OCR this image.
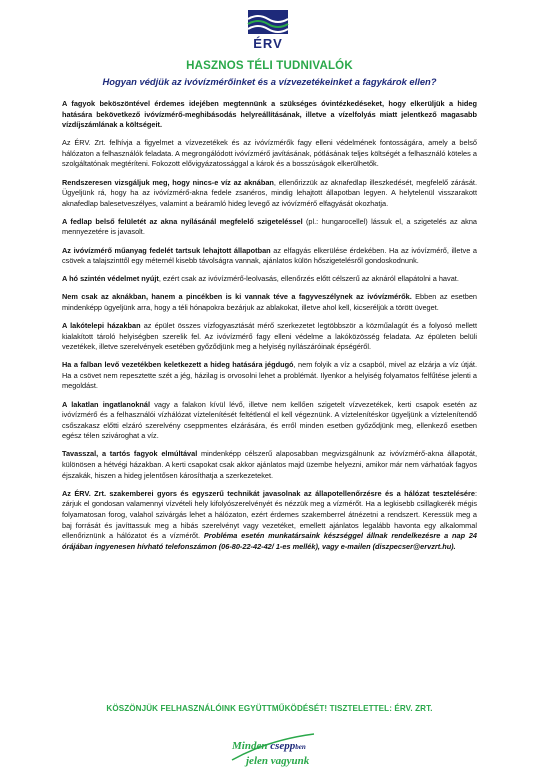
ÉRV
HASZNOS TÉLI TUDNIVALÓK
Hogyan védjük az ivóvízmérőinket és a vízvezetékeinket a fagykárok ellen?

A fagyok beköszöntével érdemes idejében megtennünk a szükséges óvintézkedéseket, hogy elkerüljük a hideg hatására bekövetkező ivóvízmérő-meghibásodás helyreállításának, illetve a vízelfolyás miatt jelentkező magasabb vízdíjszámlának a költségeit.

Az ÉRV. Zrt. felhívja a figyelmet a vízvezetékek és az ivóvízmérők fagy elleni védelmének fontosságára, amely a belső hálózaton a felhasználók feladata. A megrongálódott ivóvízmérő javításának, pótlásának teljes költségét a felhasználó köteles a szolgáltatónak megtéríteni. Fokozott elővigyázatossággal a károk és a bosszúságok elkerülhetők.

Rendszeresen vizsgáljuk meg, hogy nincs-e víz az aknában, ellenőrizzük az aknafedlap illeszkedését, megfelelő zárását. Ügyeljünk rá, hogy ha az ivóvízmérő-akna fedele zsanéros, mindig lehajtott állapotban legyen. A helytelenül visszarakott aknafedlap balesetveszélyes, valamint a beáramló hideg levegő az ivóvízmérő elfagyását okozhatja.

A fedlap belső felületét az akna nyílásánál megfelelő szigeteléssel (pl.: hungarocellel) lássuk el, a szigetelés az akna mennyezetére is javasolt.

Az ivóvízmérő műanyag fedelét tartsuk lehajtott állapotban az elfagyás elkerülése érdekében. Ha az ivóvízmérő, illetve a csövek a talajszinttől egy méternél kisebb távolságra vannak, ajánlatos külön hőszigetelésről gondoskodnunk.

A hó szintén védelmet nyújt, ezért csak az ivóvízmérő-leolvasás, ellenőrzés előtt célszerű az aknáról ellapátolni a havat.

Nem csak az aknákban, hanem a pincékben is ki vannak téve a fagyveszélynek az ivóvízmérők. Ebben az esetben mindenképp ügyeljünk arra, hogy a téli hónapokra bezárjuk az ablakokat, illetve ahol kell, kicseréljük a törött üveget.

A lakótelepi házakban az épület összes vízfogyasztását mérő szerkezetet legtöbbször a közműalagút és a folyosó mellett kialakított tároló helyiségben szerelik fel. Az ivóvízmérő fagy elleni védelme a lakóközösség feladata. Az épületen belüli vezetékek, illetve szerelvények esetében győződjünk meg a helyiség nyílászáróinak épségéről.

Ha a falban levő vezetékben keletkezett a hideg hatására jégdugó, nem folyik a víz a csapból, mivel az elzárja a víz útját. Ha a csövet nem repesztette szét a jég, házilag is orvosolni lehet a problémát. Ilyenkor a helyiség folyamatos felfűtése jelenti a megoldást.

A lakatlan ingatlanoknál vagy a falakon kívül lévő, illetve nem kellően szigetelt vízvezetékek, kerti csapok esetén az ivóvízmérő és a felhasználói vízhálózat víztelenítését feltétlenül el kell végeznünk. A víztelenítéskor ügyeljünk a víztelenítendő csőszakasz előtti elzáró szerelvény cseppmentes elzárására, és erről minden esetben győződjünk meg, ellenkező esetben egész télen szivároghat a víz.

Tavasszal, a tartós fagyok elmúltával mindenképp célszerű alaposabban megvizsgálnunk az ivóvízmérő-akna állapotát, különösen a hétvégi házakban. A kerti csapokat csak akkor ajánlatos majd üzembe helyezni, amikor már nem várhatóak fagyos éjszakák, hiszen a hideg jelentősen károsíthatja a szerkezeteket.

Az ÉRV. Zrt. szakemberei gyors és egyszerű technikát javasolnak az állapotellenőrzésre és a hálózat tesztelésére: zárjuk el gondosan valamennyi vízvételi hely kifolyószerelvényét és nézzük meg a vízmérőt. Ha a legkisebb csillagkerék mégis folyamatosan forog, valahol szivárgás lehet a hálózaton, ezért érdemes szakemberrel átnézetni a rendszert. Keressük meg a baj forrását és javíttassuk meg a hibás szerelvényt vagy vezetéket, emellett ajánlatos legalább havonta egy alkalommal ellenőriznünk a hálózatot és a vízmérőt. Probléma esetén munkatársaink készséggel állnak rendelkezésre a nap 24 órájában ingyenesen hívható telefonszámon (06-80-22-42-42/ 1-es mellék), vagy e-mailen (diszpecser@ervzrt.hu).

KÖSZÖNJÜK FELHASZNÁLÓINK EGYÜTTMŰKÖDÉSÉT! TISZTELETTEL: ÉRV. ZRT.
Minden cseppben
jelen vagyunk
